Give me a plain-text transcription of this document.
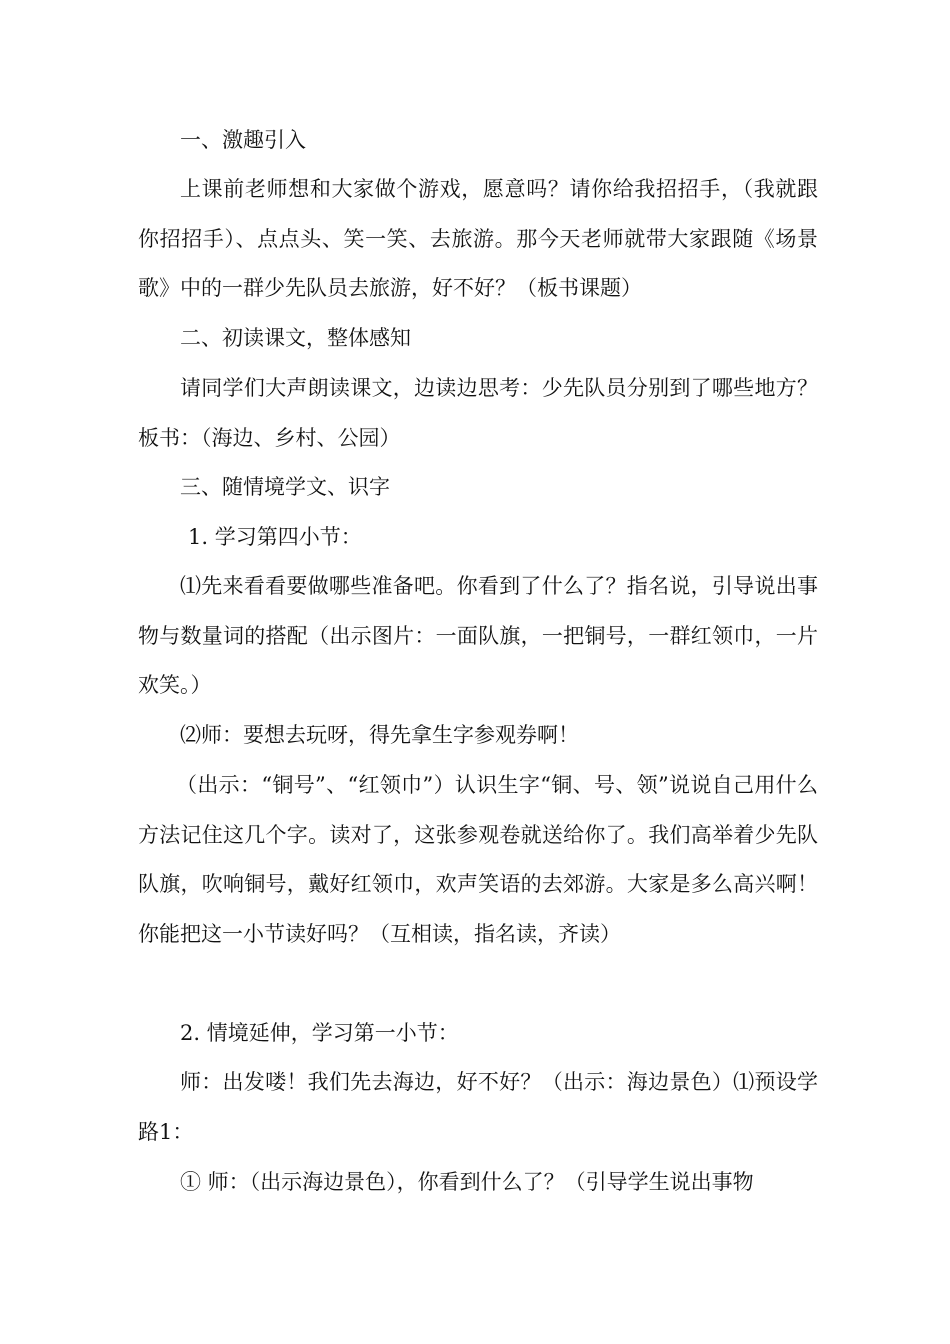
一、激趣引入

上课前老师想和大家做个游戏，愿意吗？请你给我招招手，（我就跟你招招手）、点点头、笑一笑、去旅游。那今天老师就带大家跟随《场景歌》中的一群少先队员去旅游，好不好？（板书课题）

二、初读课文，整体感知

请同学们大声朗读课文，边读边思考：少先队员分别到了哪些地方？板书：（海边、乡村、公园）

三、随情境学文、识字

1. 学习第四小节：

⑴先来看看要做哪些准备吧。你看到了什么了？指名说，引导说出事物与数量词的搭配（出示图片：一面队旗，一把铜号，一群红领巾，一片欢笑。）

⑵师：要想去玩呀，得先拿生字参观券啊！

（出示：“铜号”、“红领巾”）认识生字“铜、号、领”说说自己用什么方法记住这几个字。读对了，这张参观卷就送给你了。我们高举着少先队队旗，吹响铜号，戴好红领巾，欢声笑语的去郊游。大家是多么高兴啊！你能把这一小节读好吗？（互相读，指名读，齐读）

2. 情境延伸，学习第一小节：

师：出发喽！我们先去海边，好不好？（出示：海边景色）⑴预设学路1：

① 师：（出示海边景色），你看到什么了？（引导学生说出事物
